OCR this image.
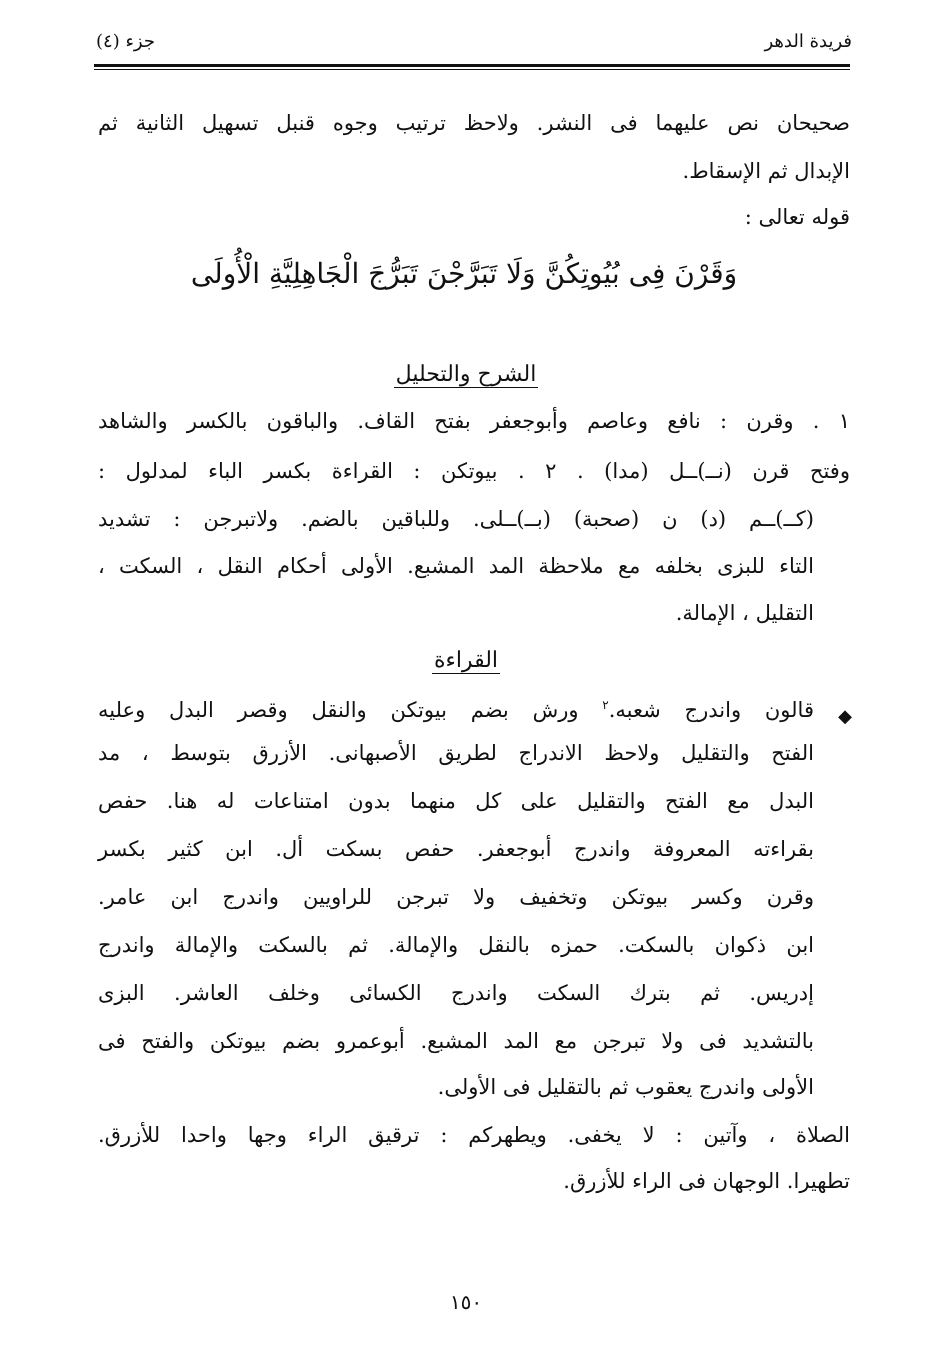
فريدة الدهر
جزء (٤)
صحيحان نص عليهما فى النشر. ولاحظ ترتيب وجوه قنبل تسهيل الثانية ثم
الإبدال ثم الإسقاط.
قوله تعالى :
وَقَرْنَ فِى بُيُوتِكُنَّ وَلَا تَبَرَّجْنَ تَبَرُّجَ الْجَاهِلِيَّةِ الْأُولَى
الشرح والتحليل
١ . وقرن : نافع وعاصم وأبوجعفر بفتح القاف. والباقون بالكسر والشاهد
وفتح قرن (نــ)ــل (مدا) . ٢ . بيوتكن : القراءة بكسر الباء لمدلول :
(كــ)ــم (د) ن (صحبة) (بــ)ــلى. وللباقين بالضم. ولاتبرجن : تشديد
التاء للبزى بخلفه مع ملاحظة المد المشبع. الأولى أحكام النقل ، السكت ،
التقليل ، الإمالة.
القراءة
◆
قالون واندرج شعبه.$^٢$ ورش بضم بيوتكن والنقل وقصر البدل وعليه
الفتح والتقليل ولاحظ الاندراج لطريق الأصبهانى. الأزرق بتوسط ، مد
البدل مع الفتح والتقليل على كل منهما بدون امتناعات له هنا. حفص
بقراءته المعروفة واندرج أبوجعفر. حفص بسكت أل. ابن كثير بكسر
وقرن وكسر بيوتكن وتخفيف ولا تبرجن للراويين واندرج ابن عامر.
ابن ذكوان بالسكت. حمزه بالنقل والإمالة. ثم بالسكت والإمالة واندرج
إدريس. ثم بترك السكت واندرج الكسائى وخلف العاشر. البزى
بالتشديد فى ولا تبرجن مع المد المشبع. أبوعمرو بضم بيوتكن والفتح فى
الأولى واندرج يعقوب ثم بالتقليل فى الأولى.
الصلاة ، وآتين : لا يخفى. ويطهركم : ترقيق الراء وجها واحدا للأزرق.
تطهيرا. الوجهان فى الراء للأزرق.
١٥٠
